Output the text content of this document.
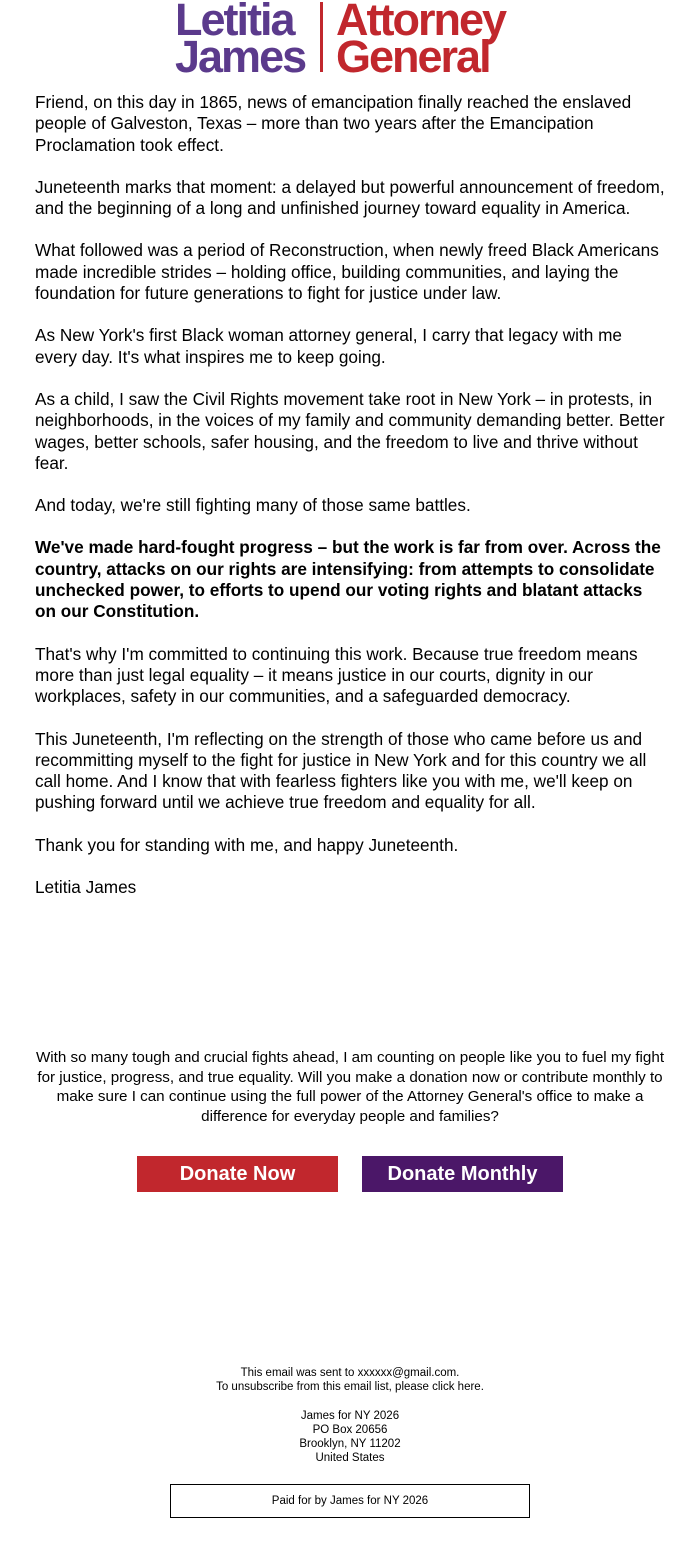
Letitia
James
Attorney
General

Friend, on this day in 1865, news of emancipation finally reached the enslaved people of Galveston, Texas – more than two years after the Emancipation Proclamation took effect.

Juneteenth marks that moment: a delayed but powerful announcement of freedom, and the beginning of a long and unfinished journey toward equality in America.

What followed was a period of Reconstruction, when newly freed Black Americans made incredible strides – holding office, building communities, and laying the foundation for future generations to fight for justice under law.

As New York's first Black woman attorney general, I carry that legacy with me every day. It's what inspires me to keep going.

As a child, I saw the Civil Rights movement take root in New York – in protests, in neighborhoods, in the voices of my family and community demanding better. Better wages, better schools, safer housing, and the freedom to live and thrive without fear.

And today, we're still fighting many of those same battles.

We've made hard-fought progress – but the work is far from over. Across the country, attacks on our rights are intensifying: from attempts to consolidate unchecked power, to efforts to upend our voting rights and blatant attacks on our Constitution.

That's why I'm committed to continuing this work. Because true freedom means more than just legal equality – it means justice in our courts, dignity in our workplaces, safety in our communities, and a safeguarded democracy.

This Juneteenth, I'm reflecting on the strength of those who came before us and recommitting myself to the fight for justice in New York and for this country we all call home. And I know that with fearless fighters like you with me, we'll keep on pushing forward until we achieve true freedom and equality for all.

Thank you for standing with me, and happy Juneteenth.

Letitia James

With so many tough and crucial fights ahead, I am counting on people like you to fuel my fight for justice, progress, and true equality. Will you make a donation now or contribute monthly to make sure I can continue using the full power of the Attorney General's office to make a difference for everyday people and families?

Donate Now	Donate Monthly
This email was sent to xxxxxx@gmail.com.
To unsubscribe from this email list, please click here.
James for NY 2026
PO Box 20656
Brooklyn, NY 11202
United States
Paid for by James for NY 2026
